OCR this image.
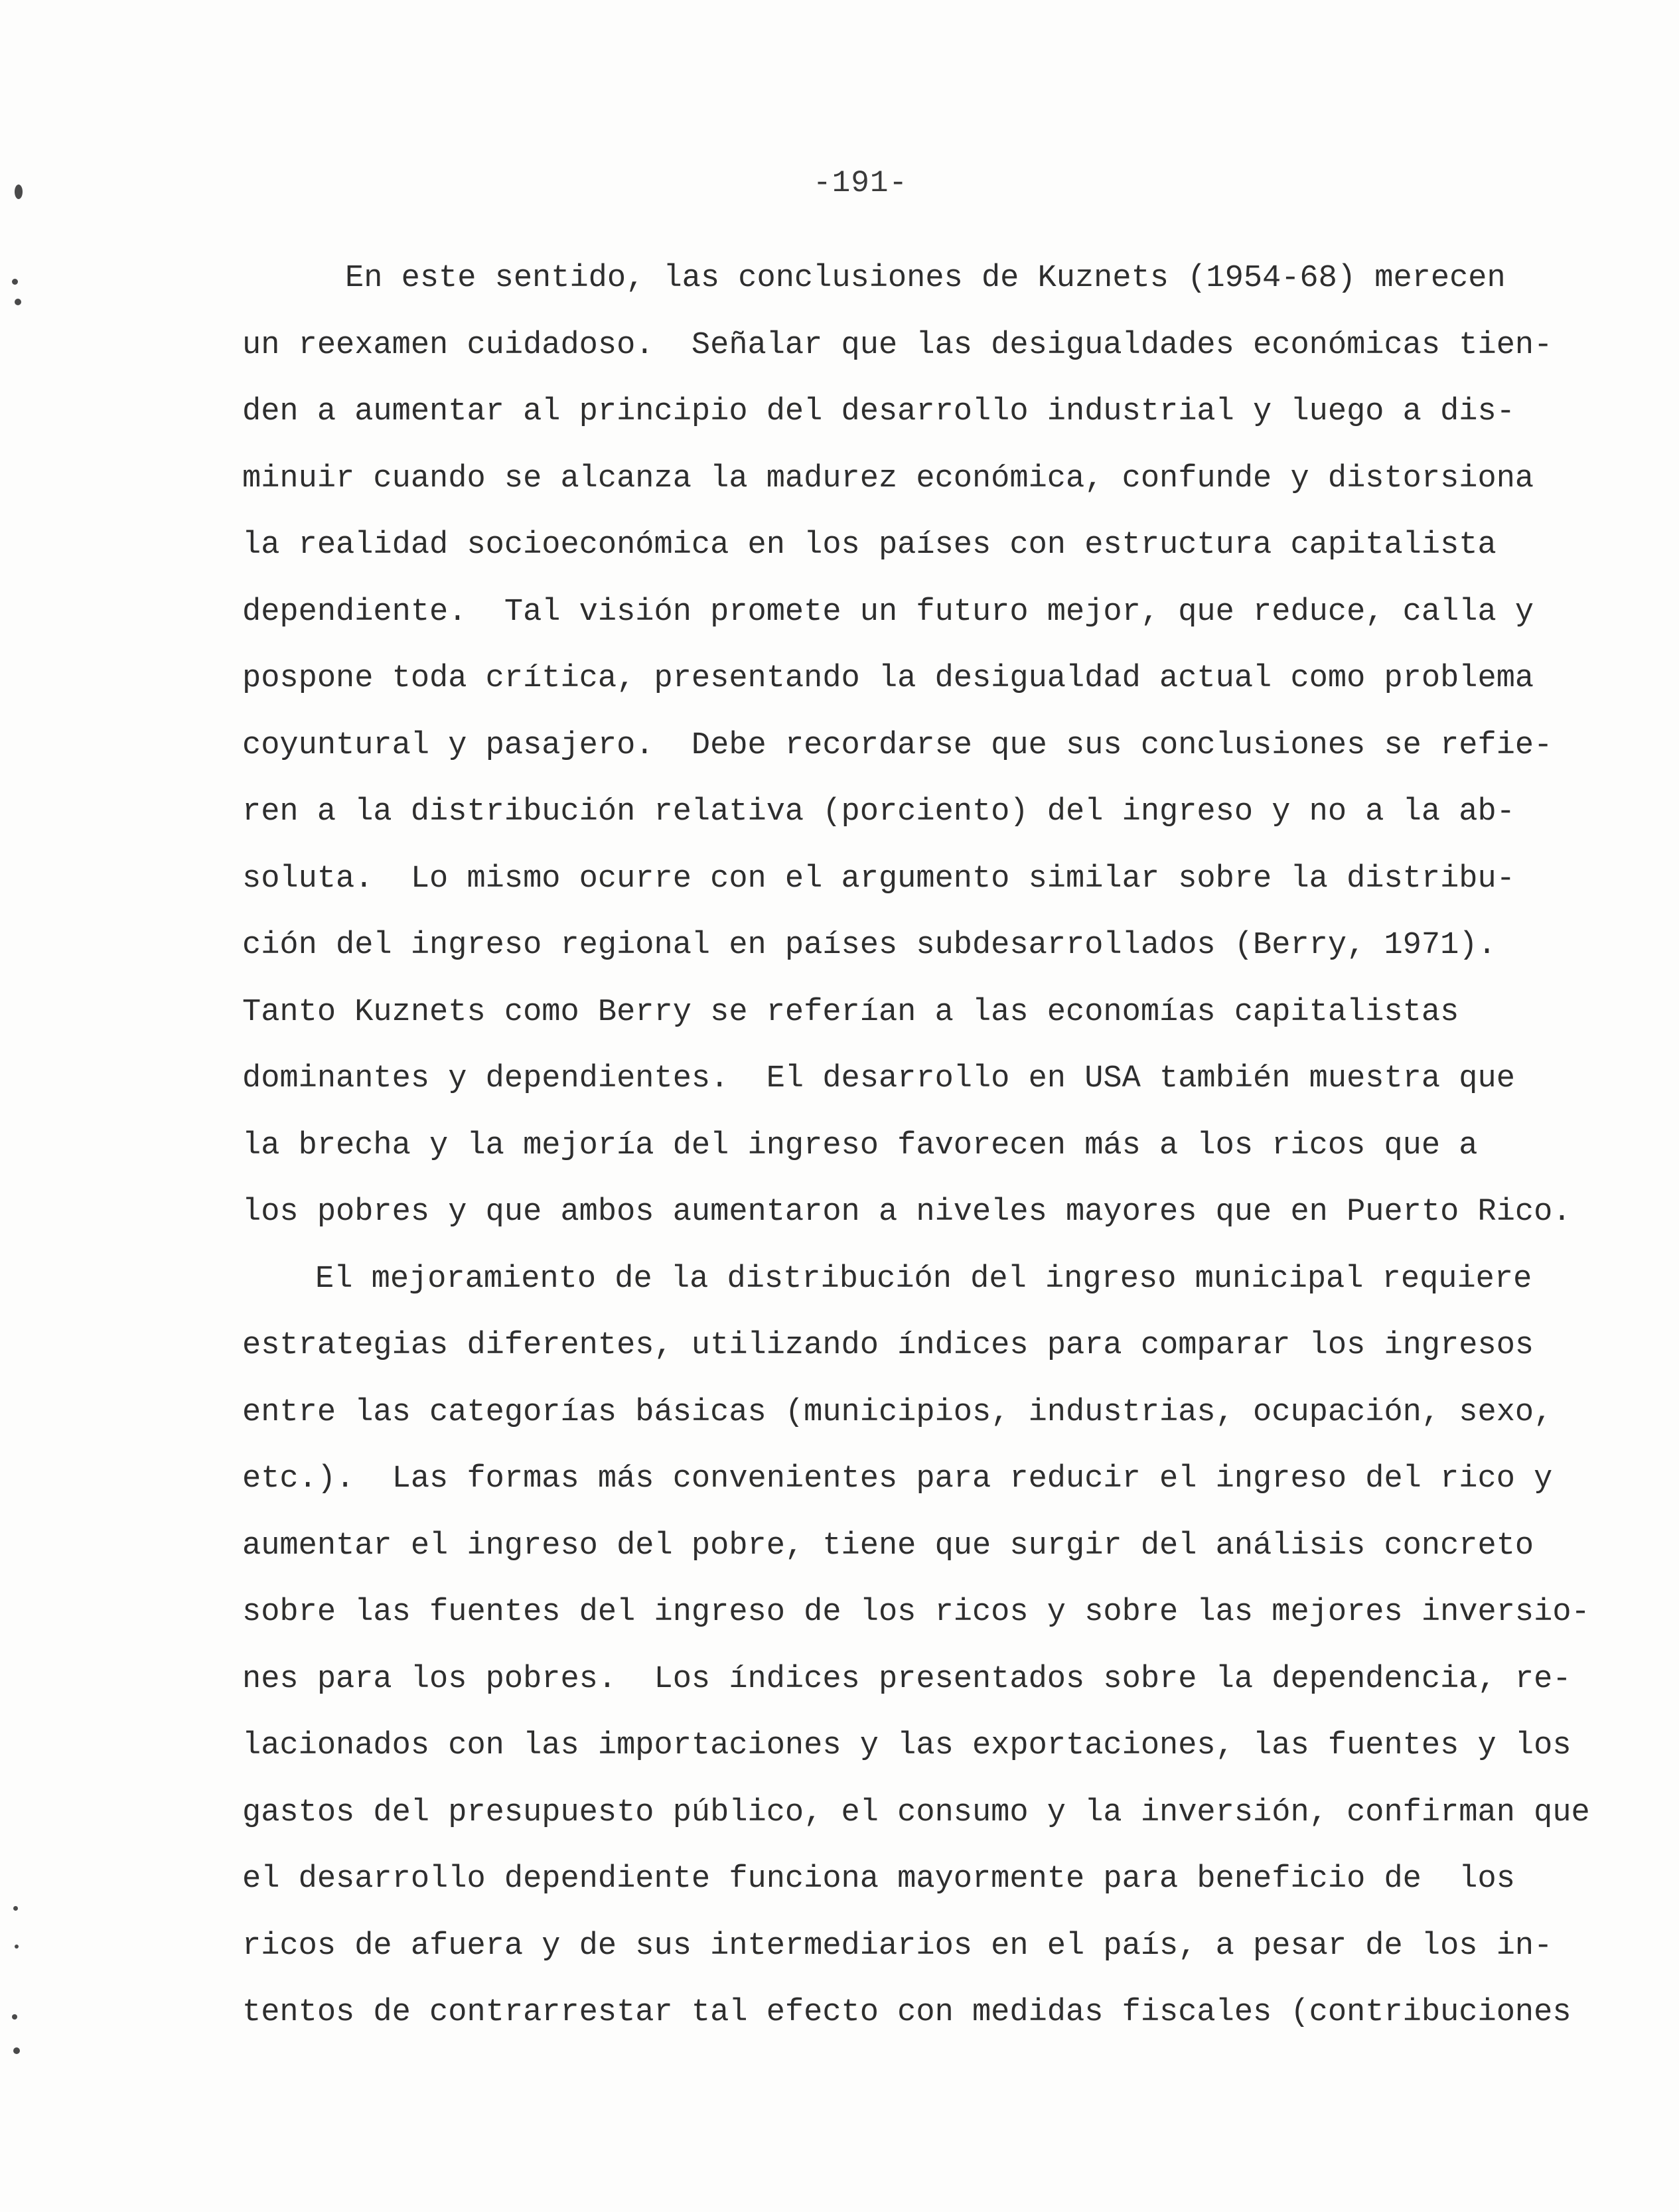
-191-
En este sentido, las conclusiones de Kuznets (1954-68) merecen
un reexamen cuidadoso.  Señalar que las desigualdades económicas tien-
den a aumentar al principio del desarrollo industrial y luego a dis-
minuir cuando se alcanza la madurez económica, confunde y distorsiona
la realidad socioeconómica en los países con estructura capitalista
dependiente.  Tal visión promete un futuro mejor, que reduce, calla y
pospone toda crítica, presentando la desigualdad actual como problema
coyuntural y pasajero.  Debe recordarse que sus conclusiones se refie-
ren a la distribución relativa (porciento) del ingreso y no a la ab-
soluta.  Lo mismo ocurre con el argumento similar sobre la distribu-
ción del ingreso regional en países subdesarrollados (Berry, 1971).
Tanto Kuznets como Berry se referían a las economías capitalistas
dominantes y dependientes.  El desarrollo en USA también muestra que
la brecha y la mejoría del ingreso favorecen más a los ricos que a
los pobres y que ambos aumentaron a niveles mayores que en Puerto Rico.
El mejoramiento de la distribución del ingreso municipal requiere
estrategias diferentes, utilizando índices para comparar los ingresos
entre las categorías básicas (municipios, industrias, ocupación, sexo,
etc.).  Las formas más convenientes para reducir el ingreso del rico y
aumentar el ingreso del pobre, tiene que surgir del análisis concreto
sobre las fuentes del ingreso de los ricos y sobre las mejores inversio-
nes para los pobres.  Los índices presentados sobre la dependencia, re-
lacionados con las importaciones y las exportaciones, las fuentes y los
gastos del presupuesto público, el consumo y la inversión, confirman que
el desarrollo dependiente funciona mayormente para beneficio de  los
ricos de afuera y de sus intermediarios en el país, a pesar de los in-
tentos de contrarrestar tal efecto con medidas fiscales (contribuciones
